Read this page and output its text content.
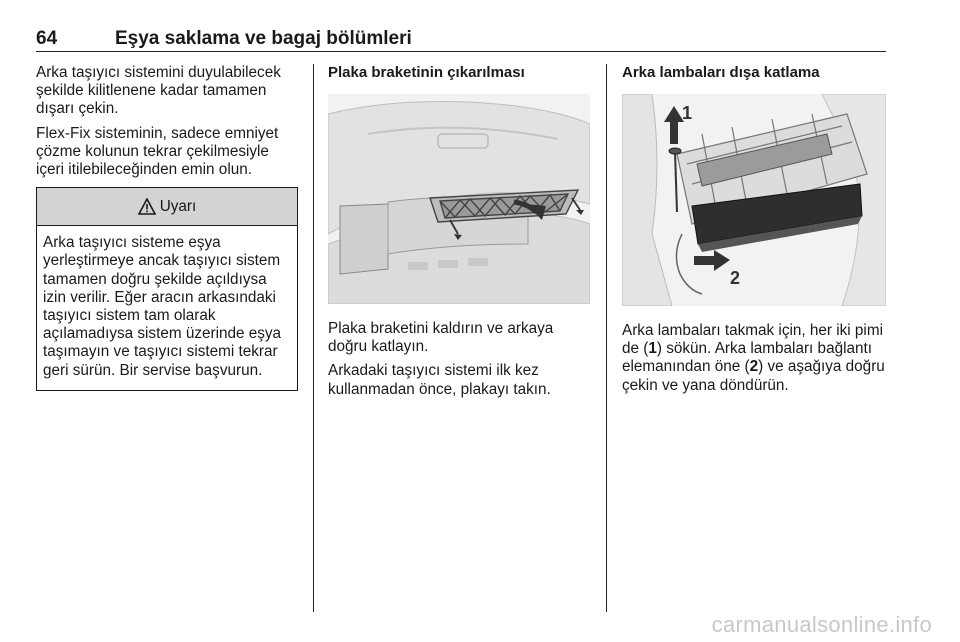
64	Eşya saklama ve bagaj bölümleri

Arka taşıyıcı sistemini duyulabilecek şekilde kilitlenene kadar tamamen dışarı çekin.

Flex-Fix sisteminin, sadece emniyet çözme kolunun tekrar çekilmesiyle içeri itilebileceğinden emin olun.

Uyarı
Arka taşıyıcı sisteme eşya yerleştirmeye ancak taşıyıcı sistem tamamen doğru şekilde açıldıysa izin verilir. Eğer aracın arkasındaki taşıyıcı sistem tam olarak açılamadıysa sistem üzerinde eşya taşımayın ve taşıyıcı sistemi tekrar geri sürün. Bir servise başvurun.
Plaka braketinin çıkarılması

Plaka braketini kaldırın ve arkaya doğru katlayın.

Arkadaki taşıyıcı sistemi ilk kez kullanmadan önce, plakayı takın.

Arka lambaları dışa katlama
1
2

Arka lambaları takmak için, her iki pimi de (1) sökün. Arka lambaları bağlantı elemanından öne (2) ve aşağıya doğru çekin ve yana döndürün.

carmanualsonline.info
